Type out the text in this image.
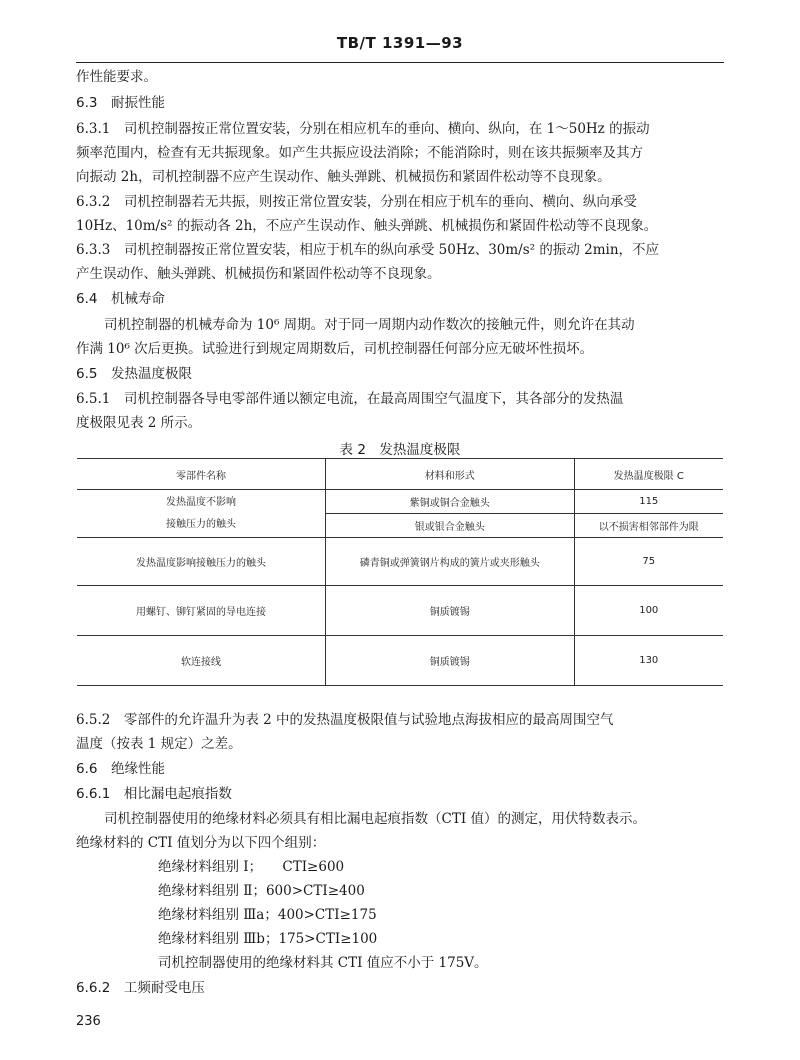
TB/T 1391—93
作性能要求。
6.3　耐振性能
6.3.1　司机控制器按正常位置安装，分别在相应机车的垂向、横向、纵向，在 1～50Hz 的振动
频率范围内，检查有无共振现象。如产生共振应设法消除；不能消除时，则在该共振频率及其方
向振动 2h，司机控制器不应产生误动作、触头弹跳、机械损伤和紧固件松动等不良现象。
6.3.2　司机控制器若无共振，则按正常位置安装，分别在相应于机车的垂向、横向、纵向承受
10Hz、10m/s² 的振动各 2h，不应产生误动作、触头弹跳、机械损伤和紧固件松动等不良现象。
6.3.3　司机控制器按正常位置安装，相应于机车的纵向承受 50Hz、30m/s² 的振动 2min，不应
产生误动作、触头弹跳、机械损伤和紧固件松动等不良现象。
6.4　机械寿命
司机控制器的机械寿命为 10⁶ 周期。对于同一周期内动作数次的接触元件，则允许在其动
作满 10⁶ 次后更换。试验进行到规定周期数后，司机控制器任何部分应无破坏性损坏。
6.5　发热温度极限
6.5.1　司机控制器各导电零部件通以额定电流，在最高周围空气温度下，其各部分的发热温
度极限见表 2 所示。
表 2　发热温度极限
零部件名称	材料和形式	发热温度极限 C

发热温度不影响
接触压力的触头	紫铜或铜合金触头	115
	银或银合金触头	以不损害相邻部件为限
发热温度影响接触压力的触头	磷青铜或弹簧钢片构成的簧片或夹形触头	75
用螺钉、铆钉紧固的导电连接	铜质镀锡	100
软连接线	铜质镀锡	130
6.5.2　零部件的允许温升为表 2 中的发热温度极限值与试验地点海拔相应的最高周围空气
温度（按表 1 规定）之差。
6.6　绝缘性能
6.6.1　相比漏电起痕指数
司机控制器使用的绝缘材料必须具有相比漏电起痕指数（CTI 值）的测定，用伏特数表示。
绝缘材料的 CTI 值划分为以下四个组别：
绝缘材料组别 Ⅰ；　　CTI≥600
绝缘材料组别 Ⅱ；600>CTI≥400
绝缘材料组别 Ⅲa；400>CTI≥175
绝缘材料组别 Ⅲb；175>CTI≥100
司机控制器使用的绝缘材料其 CTI 值应不小于 175V。
6.6.2　工频耐受电压
236
